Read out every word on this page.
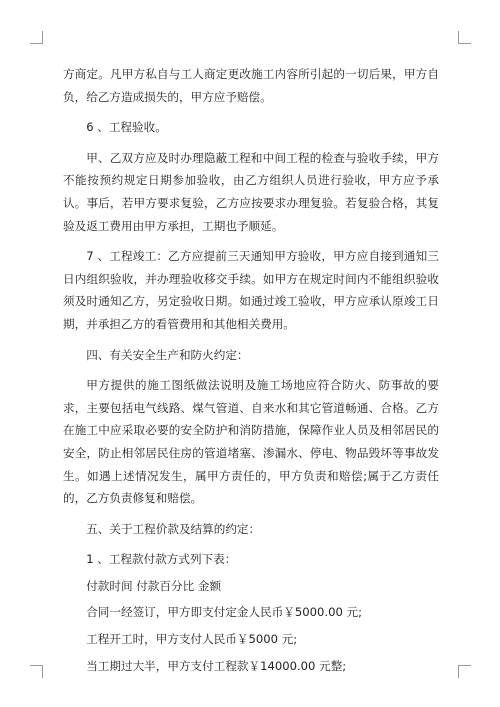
方商定。凡甲方私自与工人商定更改施工内容所引起的一切后果，甲方自负，给乙方造成损失的，甲方应予赔偿。

6 、工程验收。

甲、乙双方应及时办理隐蔽工程和中间工程的检查与验收手续，甲方不能按预约规定日期参加验收，由乙方组织人员进行验收，甲方应予承认。事后，若甲方要求复验，乙方应按要求办理复验。若复验合格，其复验及返工费用由甲方承担，工期也予顺延。

7 、工程竣工：乙方应提前三天通知甲方验收，甲方应自接到通知三日内组织验收，并办理验收移交手续。如甲方在规定时间内不能组织验收须及时通知乙方，另定验收日期。如通过竣工验收，甲方应承认原竣工日期，并承担乙方的看管费用和其他相关费用。

四、有关安全生产和防火约定：

甲方提供的施工图纸做法说明及施工场地应符合防火、防事故的要求，主要包括电气线路、煤气管道、自来水和其它管道畅通、合格。乙方在施工中应采取必要的安全防护和消防措施，保障作业人员及相邻居民的安全，防止相邻居民住房的管道堵塞、渗漏水、停电、物品毁坏等事故发生。如遇上述情况发生，属甲方责任的，甲方负责和赔偿;属于乙方责任的，乙方负责修复和赔偿。

五、关于工程价款及结算的约定：

1 、工程款付款方式列下表：

付款时间 付款百分比 金额

合同一经签订，甲方即支付定金人民币￥5000.00 元;

工程开工时，甲方支付人民币￥5000 元;

当工期过大半，甲方支付工程款￥14000.00 元整;
